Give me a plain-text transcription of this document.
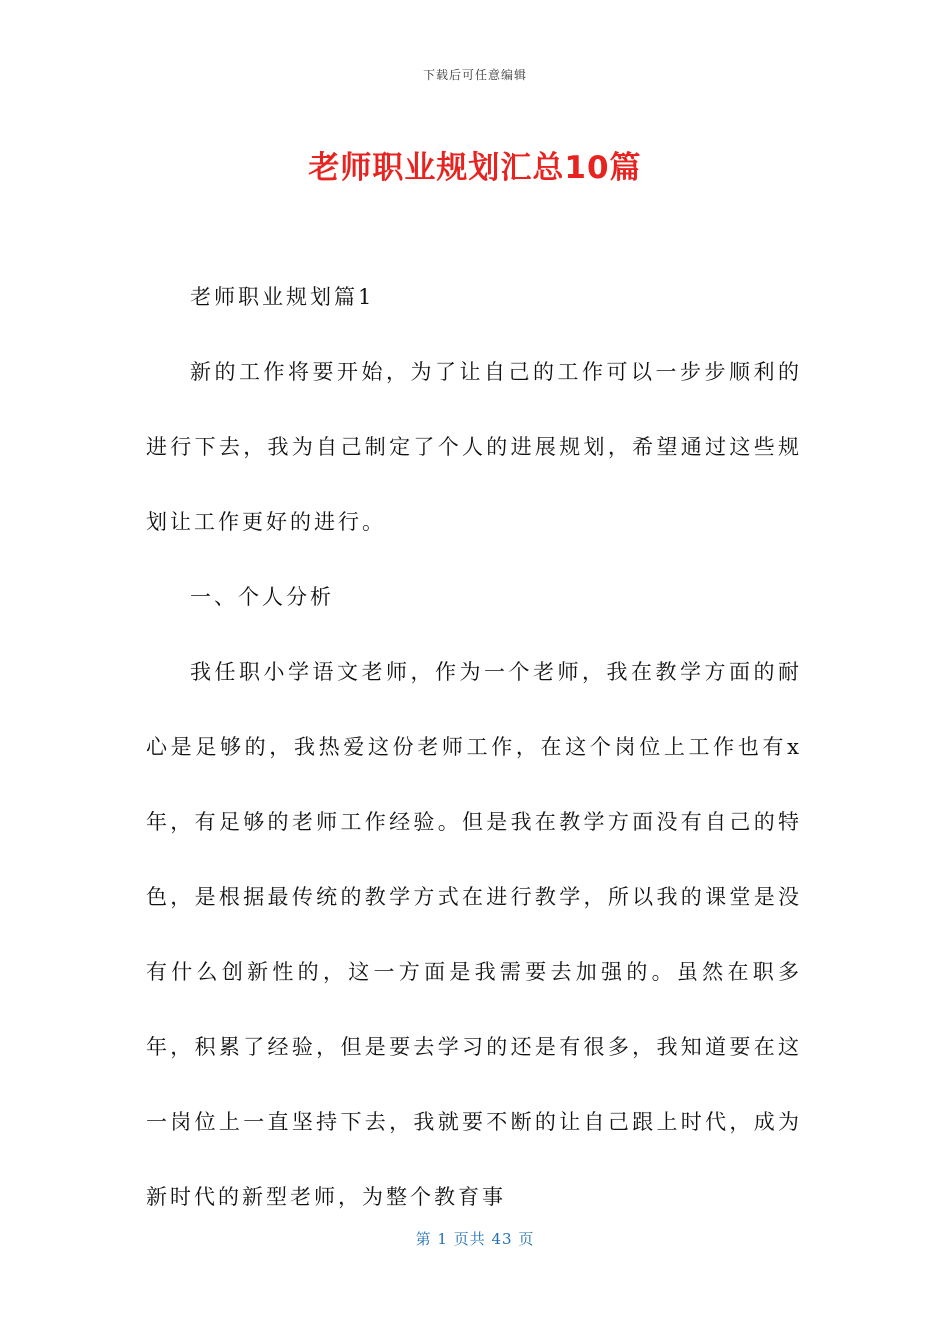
下载后可任意编辑
老师职业规划汇总10篇

老师职业规划篇1

新的工作将要开始，为了让自己的工作可以一步步顺利的进行下去，我为自己制定了个人的进展规划，希望通过这些规划让工作更好的进行。

一、个人分析

我任职小学语文老师，作为一个老师，我在教学方面的耐心是足够的，我热爱这份老师工作，在这个岗位上工作也有x年，有足够的老师工作经验。但是我在教学方面没有自己的特色，是根据最传统的教学方式在进行教学，所以我的课堂是没有什么创新性的，这一方面是我需要去加强的。虽然在职多年，积累了经验，但是要去学习的还是有很多，我知道要在这一岗位上一直坚持下去，我就要不断的让自己跟上时代，成为新时代的新型老师，为整个教育事

第 1 页共 43 页
